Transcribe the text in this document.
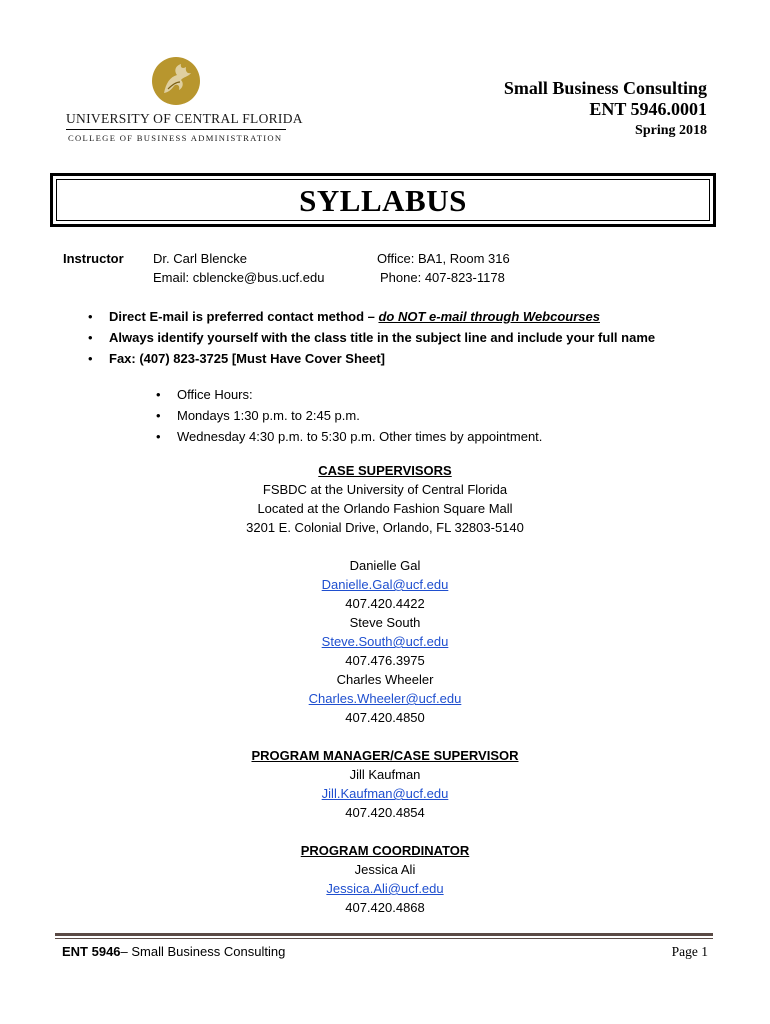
UNIVERSITY OF CENTRAL FLORIDA
COLLEGE OF BUSINESS ADMINISTRATION
Small Business Consulting
ENT 5946.0001
Spring 2018
SYLLABUS
Instructor Dr. Carl Blencke
Email: cblencke@bus.ucf.edu
Office: BA1, Room 316
Phone: 407-823-1178
• Direct E-mail is preferred contact method – do NOT e-mail through Webcourses
• Always identify yourself with the class title in the subject line and include your full name
• Fax: (407) 823-3725 [Must Have Cover Sheet]
• Office Hours:
• Mondays 1:30 p.m. to 2:45 p.m.
• Wednesday 4:30 p.m. to 5:30 p.m. Other times by appointment.
CASE SUPERVISORS
FSBDC at the University of Central Florida
Located at the Orlando Fashion Square Mall
3201 E. Colonial Drive, Orlando, FL 32803-5140
Danielle Gal
Danielle.Gal@ucf.edu
407.420.4422
Steve South
Steve.South@ucf.edu
407.476.3975
Charles Wheeler
Charles.Wheeler@ucf.edu
407.420.4850
PROGRAM MANAGER/CASE SUPERVISOR
Jill Kaufman
Jill.Kaufman@ucf.edu
407.420.4854
PROGRAM COORDINATOR
Jessica Ali
Jessica.Ali@ucf.edu
407.420.4868
ENT 5946– Small Business Consulting	Page 1
